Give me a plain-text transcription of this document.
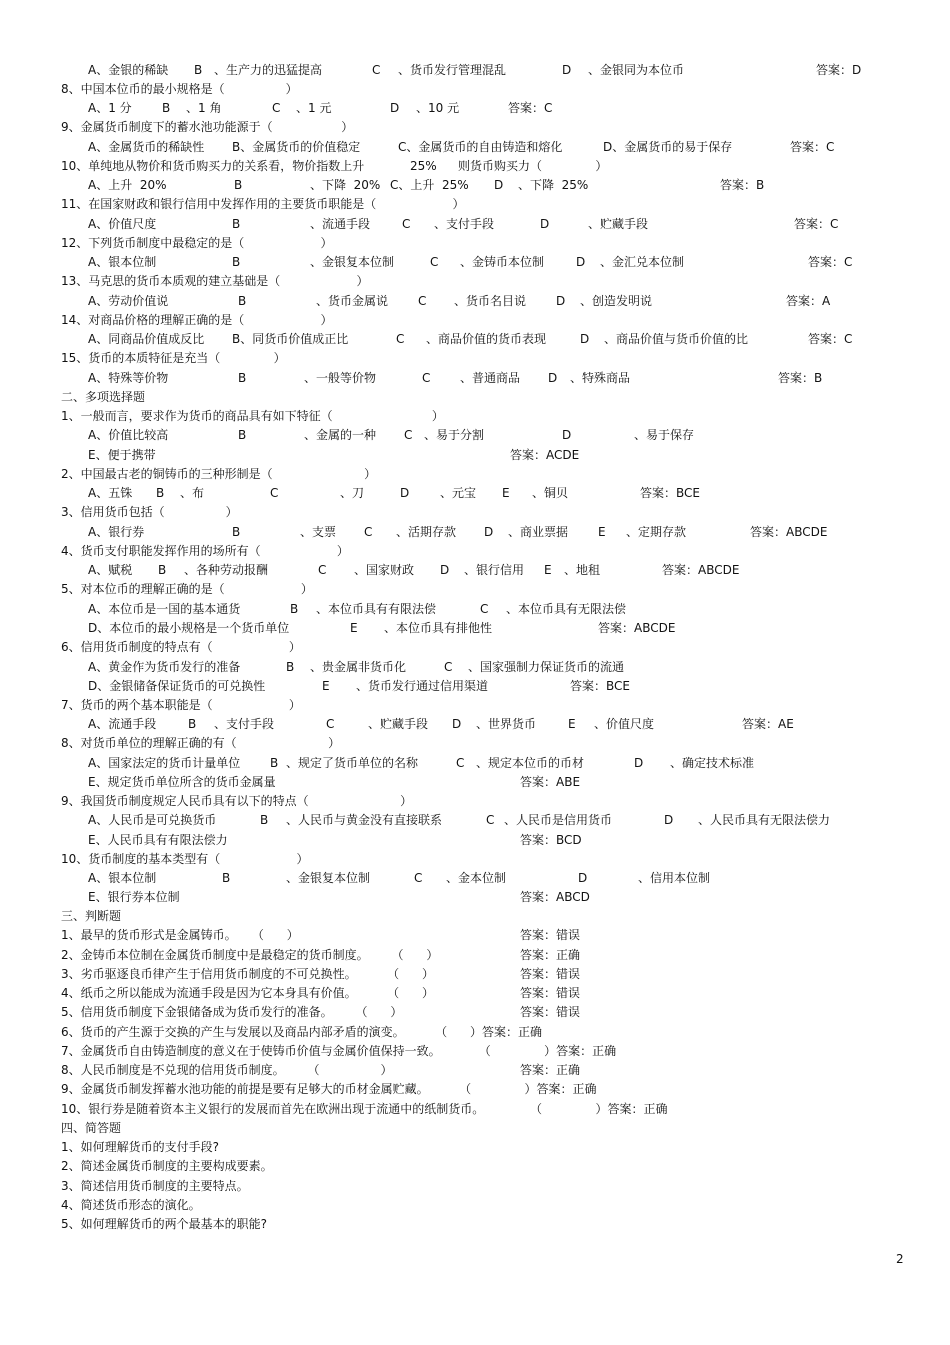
A、金银的稀缺 B 、生产力的迅猛提高	C 、货币发行管理混乱	D 、金银同为本位币	答案：D
8、中国本位币的最小规格是（                ）
A、1 分	B 、1 角	C 、1 元	D 、10 元	答案：C
9、金属货币制度下的蓄水池功能源于（                  ）
A、金属货币的稀缺性 B、金属货币的价值稳定	C、金属货币的自由铸造和熔化	D、金属货币的易于保存	答案：C
10、单纯地从物价和货币购买力的关系看，物价指数上升	25% 则货币购买力（              ）
A、上升  20%	B	、下降  20% C、上升  25% D 、下降  25%	答案：B
11、在国家财政和银行信用中发挥作用的主要货币职能是（                    ）
A、价值尺度	B	、流通手段	C 、支付手段	D	、贮藏手段	答案：C
12、下列货币制度中最稳定的是（                    ）
A、银本位制	B	、金银复本位制	C 、金铸币本位制	D 、金汇兑本位制	答案：C
13、马克思的货币本质观的建立基础是（                    ）
A、劳动价值说	B	、货币金属说 C 、货币名目说 D 、创造发明说	答案：A
14、对商品价格的理解正确的是（                    ）
A、同商品价值成反比 B、同货币价值成正比	C 、商品价值的货币表现	D 、商品价值与货币价值的比	答案：C
15、货币的本质特征是充当（              ）
A、特殊等价物	B	、一般等价物	C 、普通商品 D 、特殊商品	答案：B
二、多项选择题
1、一般而言，要求作为货币的商品具有如下特征（                          ）
A、价值比较高	B	、金属的一种 C 、易于分割	D	、易于保存
E、便于携带	答案：ACDE
2、中国最古老的铜铸币的三种形制是（                        ）
A、五铢 B 、布	C	、刀	D	、元宝 E 、铜贝	答案：BCE
3、信用货币包括（                ）
A、银行券	B	、支票 C 、活期存款 D 、商业票据 E 、定期存款	答案：ABCDE
4、货币支付职能发挥作用的场所有（                    ）
A、赋税 B 、各种劳动报酬	C 、国家财政 D 、银行信用 E 、地租	答案：ABCDE
5、对本位币的理解正确的是（                    ）
A、本位币是一国的基本通货	B 、本位币具有有限法偿	C 、本位币具有无限法偿
D、本位币的最小规格是一个货币单位	E 、本位币具有排他性	答案：ABCDE
6、信用货币制度的特点有（                    ）
A、黄金作为货币发行的准备	B 、贵金属非货币化	C 、国家强制力保证货币的流通
D、金银储备保证货币的可兑换性	E 、货币发行通过信用渠道	答案：BCE
7、货币的两个基本职能是（                    ）
A、流通手段	B 、支付手段	C	、贮藏手段 D 、世界货币	E 、价值尺度	答案：AE
8、对货币单位的理解正确的有（                        ）
A、国家法定的货币计量单位 B 、规定了货币单位的名称	C 、规定本位币的币材	D 、确定技术标准
E、规定货币单位所含的货币金属量	答案：ABE
9、我国货币制度规定人民币具有以下的特点（                        ）
A、人民币是可兑换货币	B 、人民币与黄金没有直接联系	C 、人民币是信用货币	D 、人民币具有无限法偿力
E、人民币具有有限法偿力	答案：BCD
10、货币制度的基本类型有（                    ）
A、银本位制	B	、金银复本位制	C 、金本位制	D	、信用本位制
E、银行券本位制	答案：ABCD
三、判断题
1、最早的货币形式是金属铸币。    （      ）	答案：错误
2、金铸币本位制在金属货币制度中是最稳定的货币制度。      （      ）	答案：正确
3、劣币驱逐良币律产生于信用货币制度的不可兑换性。        （      ）	答案：错误
4、纸币之所以能成为流通手段是因为它本身具有价值。        （      ）	答案：错误
5、信用货币制度下金银储备成为货币发行的准备。      （      ）	答案：错误
6、货币的产生源于交换的产生与发展以及商品内部矛盾的演变。        （      ）答案：正确
7、金属货币自由铸造制度的意义在于使铸币价值与金属价值保持一致。          （              ）答案：正确
8、人民币制度是不兑现的信用货币制度。      （                ）	答案：正确
9、金属货币制发挥蓄水池功能的前提是要有足够大的币材金属贮藏。        （              ）答案：正确
10、银行券是随着资本主义银行的发展而首先在欧洲出现于流通中的纸制货币。            （              ）答案：正确
四、简答题
1、如何理解货币的支付手段?
2、简述金属货币制度的主要构成要素。
3、简述信用货币制度的主要特点。
4、简述货币形态的演化。
5、如何理解货币的两个最基本的职能?
2
